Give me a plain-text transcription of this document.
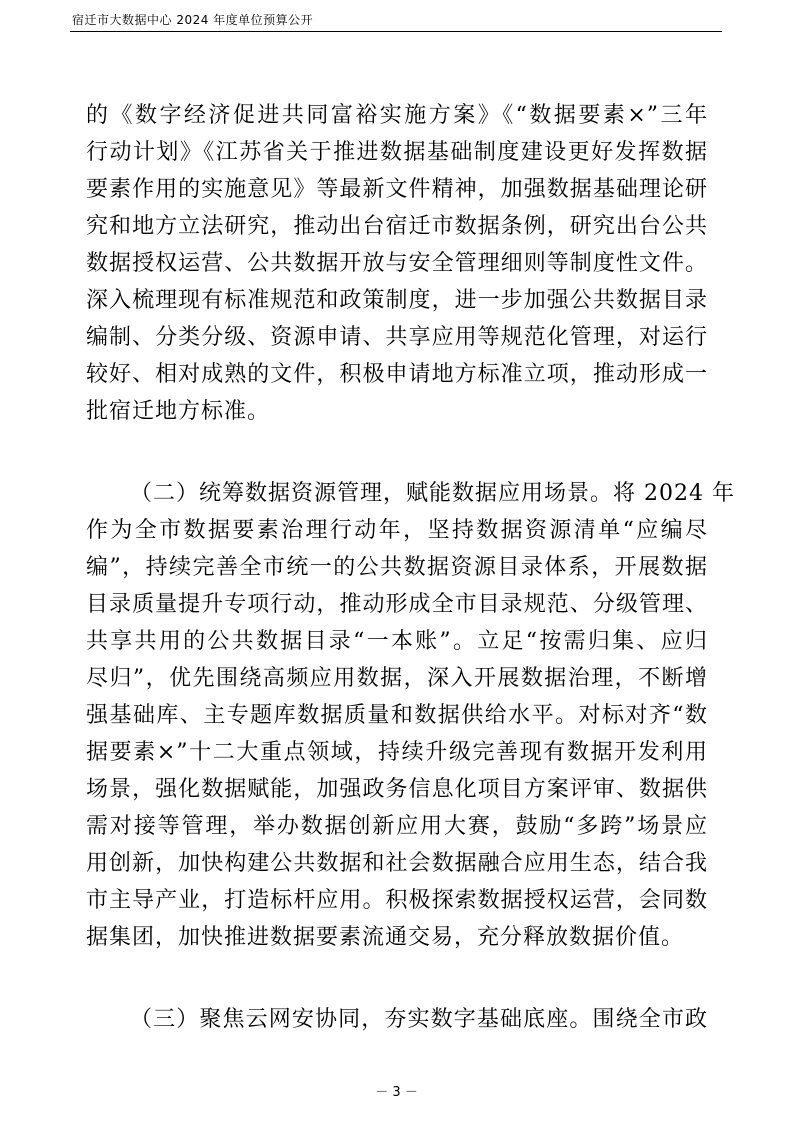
宿迁市大数据中心 2024 年度单位预算公开
的《数字经济促进共同富裕实施方案》《“数据要素×”三年
行动计划》《江苏省关于推进数据基础制度建设更好发挥数据
要素作用的实施意见》等最新文件精神，加强数据基础理论研
究和地方立法研究，推动出台宿迁市数据条例，研究出台公共
数据授权运营、公共数据开放与安全管理细则等制度性文件。
深入梳理现有标准规范和政策制度，进一步加强公共数据目录
编制、分类分级、资源申请、共享应用等规范化管理，对运行
较好、相对成熟的文件，积极申请地方标准立项，推动形成一
批宿迁地方标准。
（二）统筹数据资源管理，赋能数据应用场景。将 2024 年
作为全市数据要素治理行动年，坚持数据资源清单“应编尽
编”，持续完善全市统一的公共数据资源目录体系，开展数据
目录质量提升专项行动，推动形成全市目录规范、分级管理、
共享共用的公共数据目录“一本账”。立足“按需归集、应归
尽归”，优先围绕高频应用数据，深入开展数据治理，不断增
强基础库、主专题库数据质量和数据供给水平。对标对齐“数
据要素×”十二大重点领域，持续升级完善现有数据开发利用
场景，强化数据赋能，加强政务信息化项目方案评审、数据供
需对接等管理，举办数据创新应用大赛，鼓励“多跨”场景应
用创新，加快构建公共数据和社会数据融合应用生态，结合我
市主导产业，打造标杆应用。积极探索数据授权运营，会同数
据集团，加快推进数据要素流通交易，充分释放数据价值。
（三）聚焦云网安协同，夯实数字基础底座。围绕全市政
－ 3 －
